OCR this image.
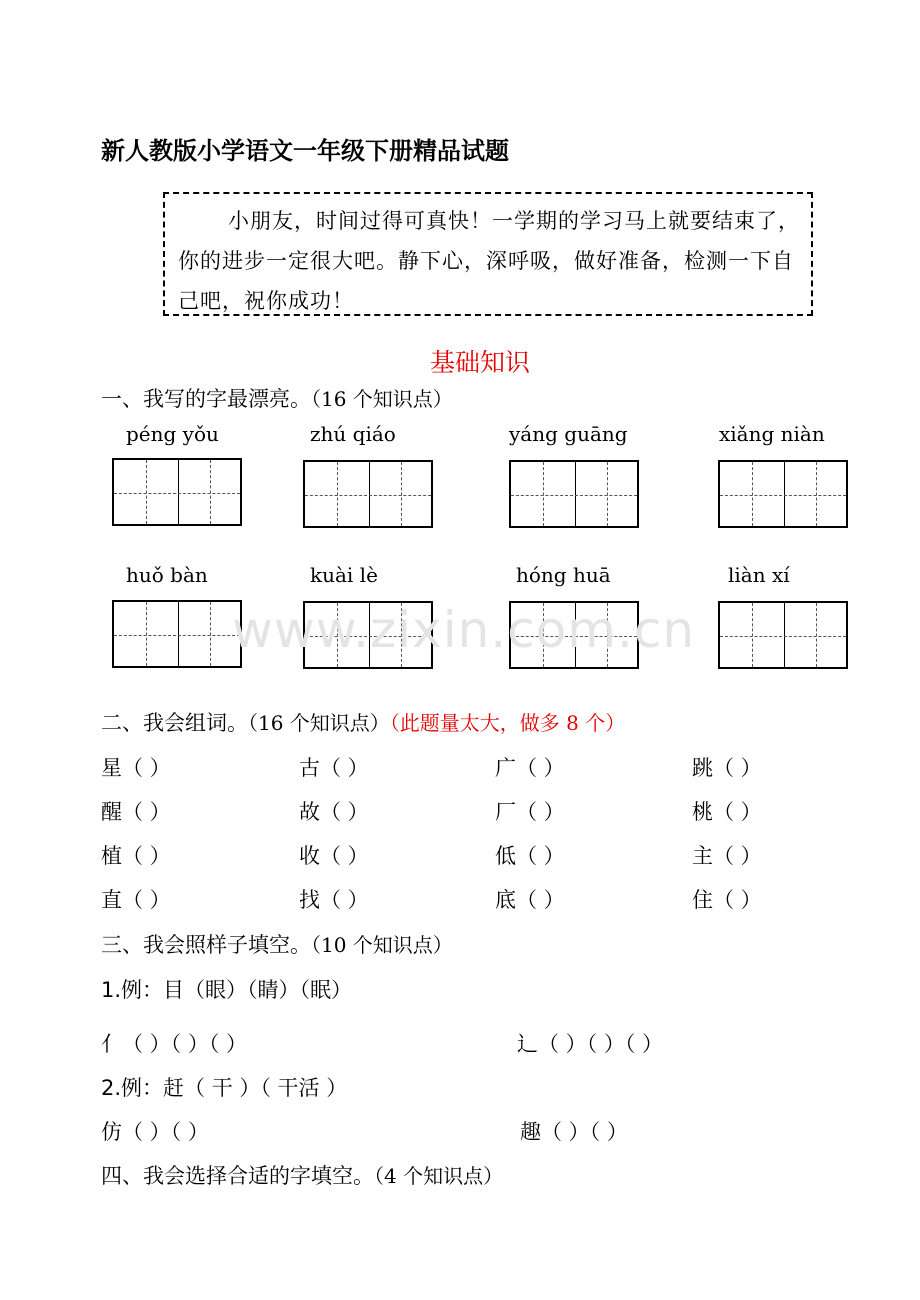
新人教版小学语文一年级下册精品试题
小朋友，时间过得可真快！一学期的学习马上就要结束了，你的进步一定很大吧。静下心，深呼吸，做好准备，检测一下自己吧，祝你成功！
基础知识
一、我写的字最漂亮。（16 个知识点）
péng yǒu	zhú qiáo	yáng guāng	xiǎng niàn
huǒ bàn	kuài lè	hóng huā	liàn xí
www.zixin.com.cn
二、我会组词。（16 个知识点）（此题量太大，做多 8 个）
星（ ）	古（ ）	广（ ）	跳（ ）
醒（ ）	故（ ）	厂（ ）	桃（ ）
植（ ）	收（ ）	低（ ）	主（ ）
直（ ）	找（ ）	底（ ）	住（ ）
三、我会照样子填空。（10 个知识点）
1.例：目（眼）（睛）（眠）
亻（ ）（ ）（ ）	辶（ ）（ ）（ ）
2.例：赶（ 干 ）（ 干活 ）
仿（ ）（ ）	趣（ ）（ ）
四、我会选择合适的字填空。（4 个知识点）
